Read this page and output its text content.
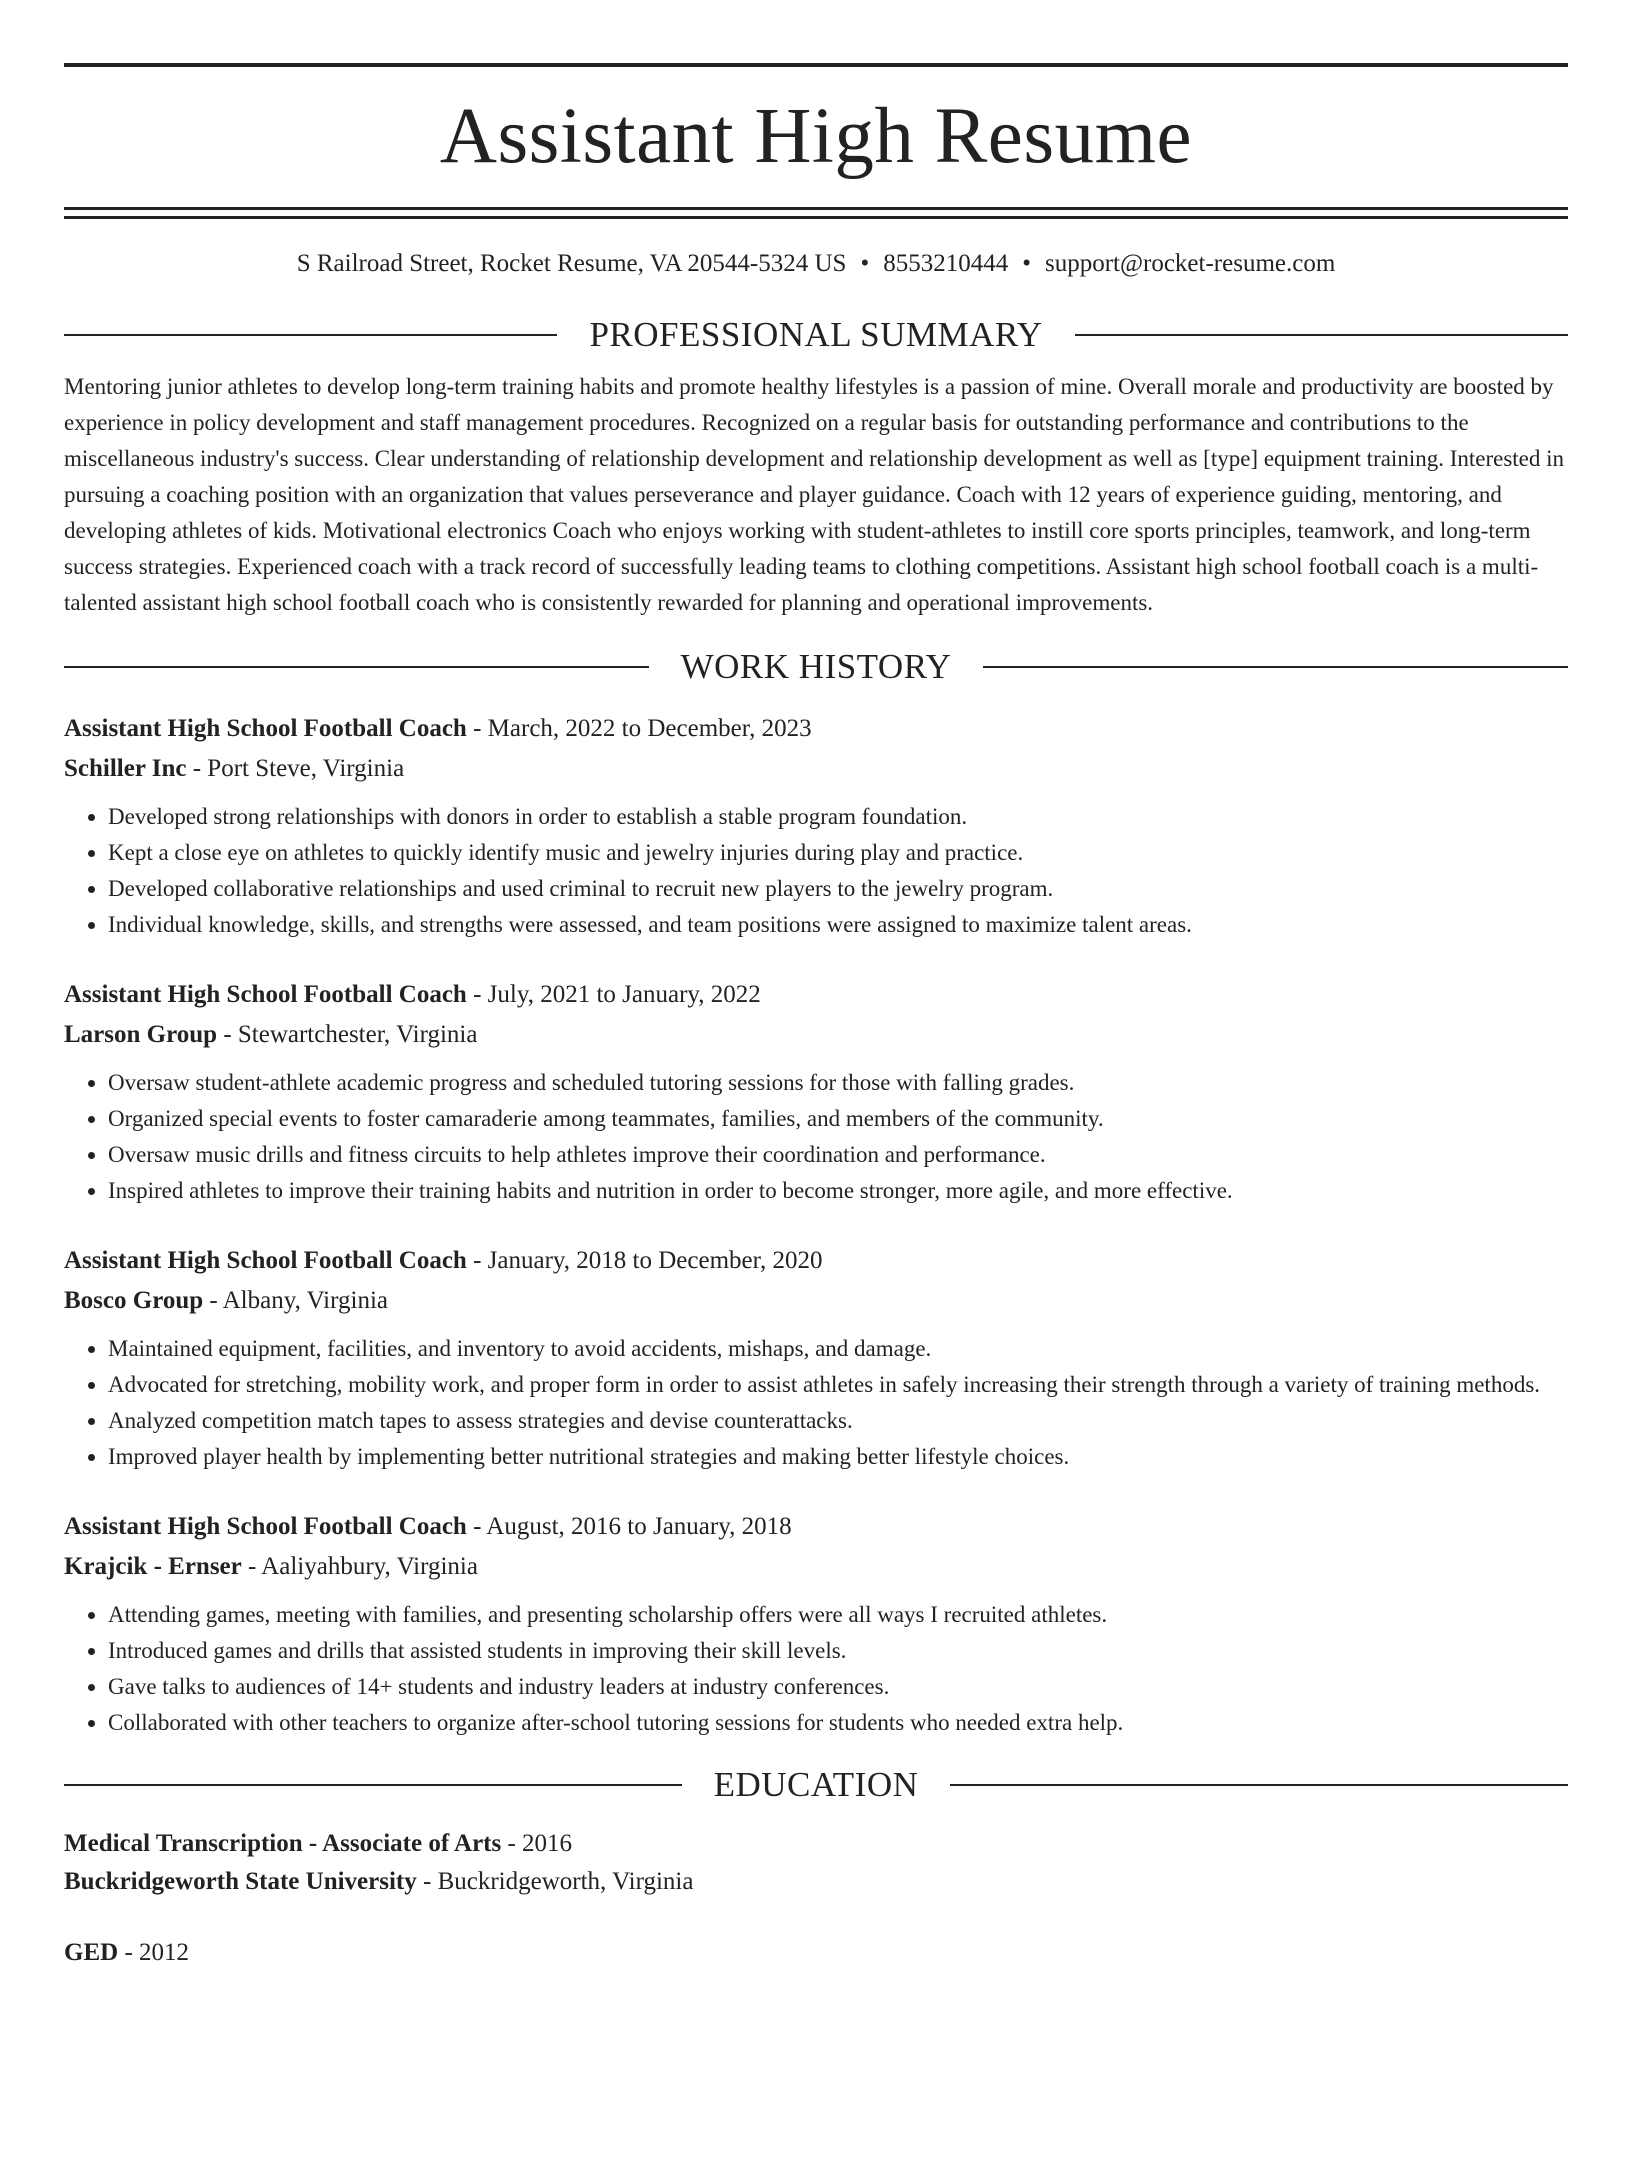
Assistant High Resume
S Railroad Street, Rocket Resume, VA 20544-5324 US • 8553210444 • support@rocket-resume.com
PROFESSIONAL SUMMARY

Mentoring junior athletes to develop long-term training habits and promote healthy lifestyles is a passion of mine. Overall morale and productivity are boosted by experience in policy development and staff management procedures. Recognized on a regular basis for outstanding performance and contributions to the miscellaneous industry's success. Clear understanding of relationship development and relationship development as well as [type] equipment training. Interested in pursuing a coaching position with an organization that values perseverance and player guidance. Coach with 12 years of experience guiding, mentoring, and developing athletes of kids. Motivational electronics Coach who enjoys working with student-athletes to instill core sports principles, teamwork, and long-term success strategies. Experienced coach with a track record of successfully leading teams to clothing competitions. Assistant high school football coach is a multi-talented assistant high school football coach who is consistently rewarded for planning and operational improvements.

WORK HISTORY
Assistant High School Football Coach - March, 2022 to December, 2023
Schiller Inc - Port Steve, Virginia
• Developed strong relationships with donors in order to establish a stable program foundation.
• Kept a close eye on athletes to quickly identify music and jewelry injuries during play and practice.
• Developed collaborative relationships and used criminal to recruit new players to the jewelry program.
• Individual knowledge, skills, and strengths were assessed, and team positions were assigned to maximize talent areas.
Assistant High School Football Coach - July, 2021 to January, 2022
Larson Group - Stewartchester, Virginia
• Oversaw student-athlete academic progress and scheduled tutoring sessions for those with falling grades.
• Organized special events to foster camaraderie among teammates, families, and members of the community.
• Oversaw music drills and fitness circuits to help athletes improve their coordination and performance.
• Inspired athletes to improve their training habits and nutrition in order to become stronger, more agile, and more effective.
Assistant High School Football Coach - January, 2018 to December, 2020
Bosco Group - Albany, Virginia
• Maintained equipment, facilities, and inventory to avoid accidents, mishaps, and damage.
• Advocated for stretching, mobility work, and proper form in order to assist athletes in safely increasing their strength through a variety of training methods.
• Analyzed competition match tapes to assess strategies and devise counterattacks.
• Improved player health by implementing better nutritional strategies and making better lifestyle choices.
Assistant High School Football Coach - August, 2016 to January, 2018
Krajcik - Ernser - Aaliyahbury, Virginia
• Attending games, meeting with families, and presenting scholarship offers were all ways I recruited athletes.
• Introduced games and drills that assisted students in improving their skill levels.
• Gave talks to audiences of 14+ students and industry leaders at industry conferences.
• Collaborated with other teachers to organize after-school tutoring sessions for students who needed extra help.
EDUCATION
Medical Transcription - Associate of Arts - 2016
Buckridgeworth State University - Buckridgeworth, Virginia
GED - 2012
